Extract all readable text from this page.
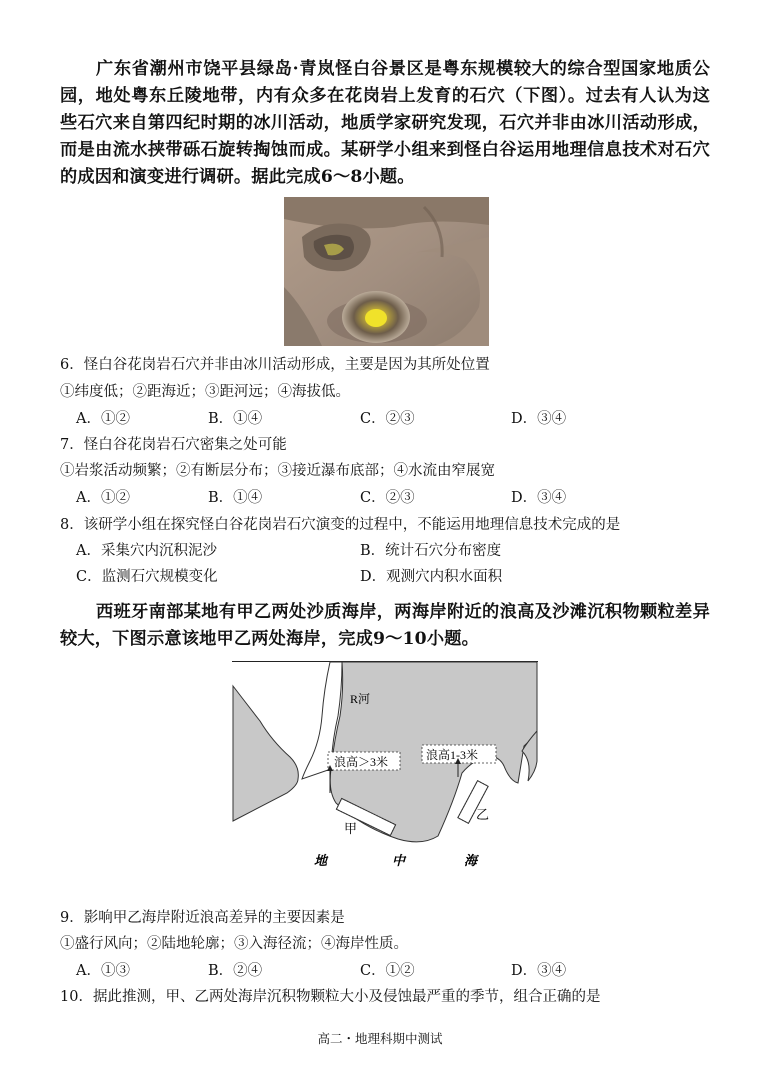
广东省潮州市饶平县绿岛·青岚怪白谷景区是粤东规模较大的综合型国家地质公园，地处粤东丘陵地带，内有众多在花岗岩上发育的石穴（下图）。过去有人认为这些石穴来自第四纪时期的冰川活动，地质学家研究发现，石穴并非由冰川活动形成，而是由流水挟带砾石旋转掏蚀而成。某研学小组来到怪白谷运用地理信息技术对石穴的成因和演变进行调研。据此完成6～8小题。
6．怪白谷花岗岩石穴并非由冰川活动形成，主要是因为其所处位置
①纬度低；②距海近；③距河远；④海拔低。
A．①②	B．①④	C．②③	D．③④
7．怪白谷花岗岩石穴密集之处可能
①岩浆活动频繁；②有断层分布；③接近瀑布底部；④水流由窄展宽
A．①②	B．①④	C．②③	D．③④
8．该研学小组在探究怪白谷花岗岩石穴演变的过程中，不能运用地理信息技术完成的是
A．采集穴内沉积泥沙	B．统计石穴分布密度
C．监测石穴规模变化	D．观测穴内积水面积
西班牙南部某地有甲乙两处沙质海岸，两海岸附近的浪高及沙滩沉积物颗粒差异较大，下图示意该地甲乙两处海岸，完成9～10小题。
R河
浪高＞3米	浪高1-3米
甲
乙
地	中	海
9．影响甲乙海岸附近浪高差异的主要因素是
①盛行风向；②陆地轮廓；③入海径流；④海岸性质。
A．①③	B．②④	C．①②	D．③④
10．据此推测，甲、乙两处海岸沉积物颗粒大小及侵蚀最严重的季节，组合正确的是
高二・地理科期中测试
